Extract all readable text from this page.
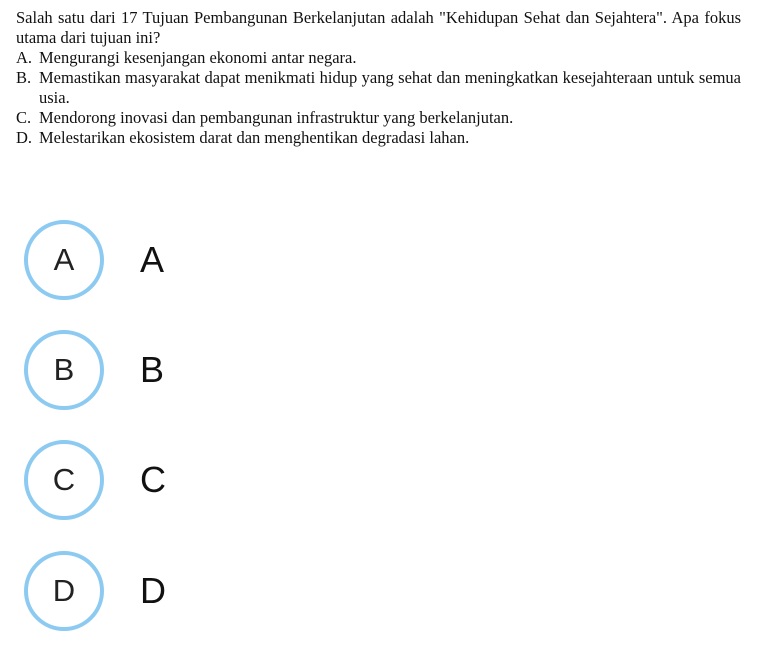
Salah satu dari 17 Tujuan Pembangunan Berkelanjutan adalah "Kehidupan Sehat dan Sejahtera". Apa fokus utama dari tujuan ini?

A. Mengurangi kesenjangan ekonomi antar negara.
B. Memastikan masyarakat dapat menikmati hidup yang sehat dan meningkatkan kesejahteraan untuk semua usia.
C. Mendorong inovasi dan pembangunan infrastruktur yang berkelanjutan.
D. Melestarikan ekosistem darat dan menghentikan degradasi lahan.
A	A
B	B
C	C
D	D
